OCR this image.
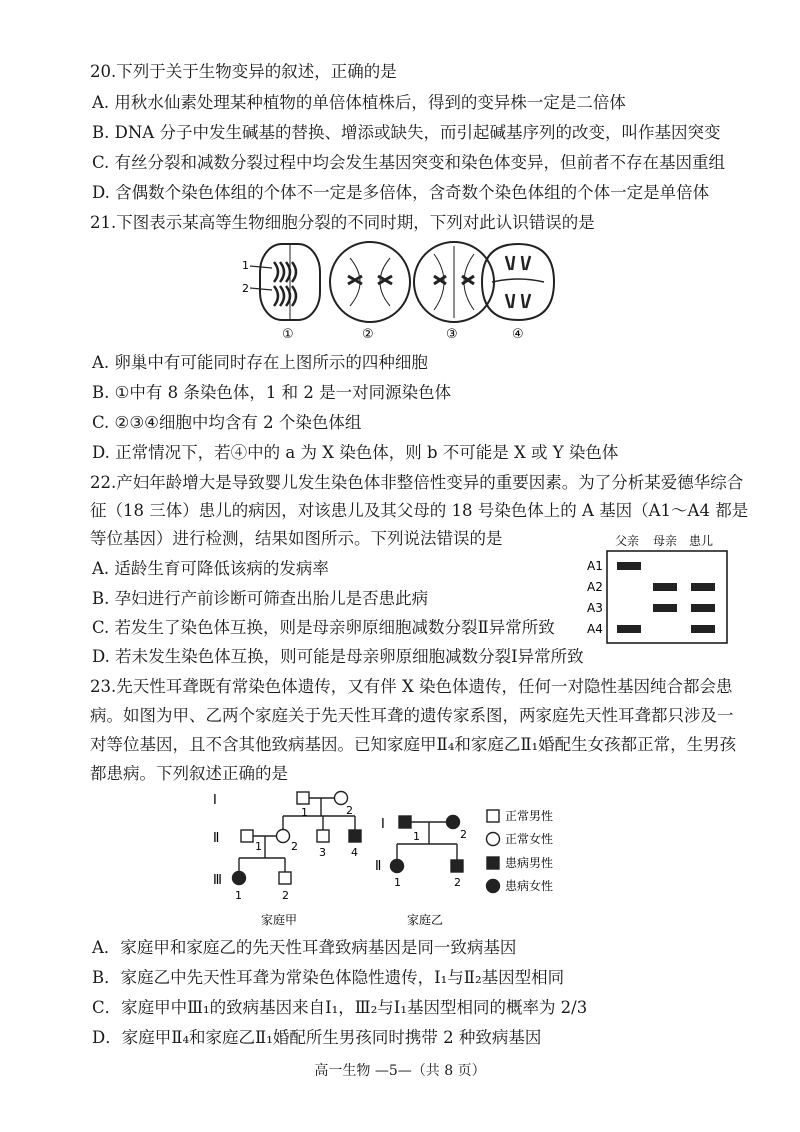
20.下列于关于生物变异的叙述，正确的是
A. 用秋水仙素处理某种植物的单倍体植株后，得到的变异株一定是二倍体
B. DNA 分子中发生碱基的替换、增添或缺失，而引起碱基序列的改变，叫作基因突变
C. 有丝分裂和减数分裂过程中均会发生基因突变和染色体变异，但前者不存在基因重组
D. 含偶数个染色体组的个体不一定是多倍体，含奇数个染色体组的个体一定是单倍体
21.下图表示某高等生物细胞分裂的不同时期，下列对此认识错误的是
1
2
①	②	③	④
A. 卵巢中有可能同时存在上图所示的四种细胞
B. ①中有 8 条染色体，1 和 2 是一对同源染色体
C. ②③④细胞中均含有 2 个染色体组
D. 正常情况下，若④中的 a 为 X 染色体，则 b 不可能是 X 或 Y 染色体
22.产妇年龄增大是导致婴儿发生染色体非整倍性变异的重要因素。为了分析某爱德华综合
征（18 三体）患儿的病因，对该患儿及其父母的 18 号染色体上的 A 基因（A1～A4 都是
等位基因）进行检测，结果如图所示。下列说法错误的是	父亲 母亲 患儿
A1
A2
A3
A4
A. 适龄生育可降低该病的发病率
B. 孕妇进行产前诊断可筛查出胎儿是否患此病
C. 若发生了染色体互换，则是母亲卵原细胞减数分裂Ⅱ异常所致
D. 若未发生染色体互换，则可能是母亲卵原细胞减数分裂Ⅰ异常所致
23.先天性耳聋既有常染色体遗传，又有伴 X 染色体遗传，任何一对隐性基因纯合都会患
病。如图为甲、乙两个家庭关于先天性耳聋的遗传家系图，两家庭先天性耳聋都只涉及一
对等位基因，且不含其他致病基因。已知家庭甲Ⅱ₄和家庭乙Ⅱ₁婚配生女孩都正常，生男孩
都患病。下列叙述正确的是
Ⅰ
Ⅱ
Ⅲ
Ⅰ
Ⅱ
1	2
1	2 3 4
1	2
1	2
1	2
正常男性
正常女性
患病男性
患病女性
家庭甲	家庭乙
A．家庭甲和家庭乙的先天性耳聋致病基因是同一致病基因
B．家庭乙中先天性耳聋为常染色体隐性遗传，Ⅰ₁与Ⅱ₂基因型相同
C．家庭甲中Ⅲ₁的致病基因来自Ⅰ₁，Ⅲ₂与Ⅰ₁基因型相同的概率为 2/3
D．家庭甲Ⅱ₄和家庭乙Ⅱ₁婚配所生男孩同时携带 2 种致病基因
高一生物 —5—（共 8 页）
